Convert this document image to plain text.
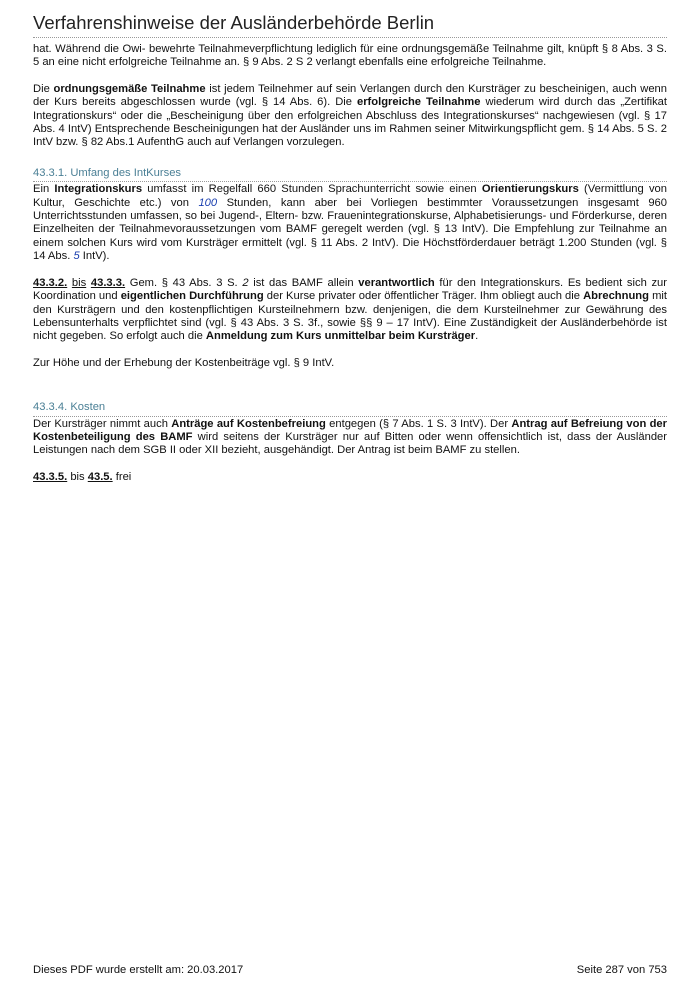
Verfahrenshinweise der Ausländerbehörde Berlin

hat. Während die Owi- bewehrte Teilnahmeverpflichtung lediglich für eine ordnungsgemäße Teilnahme gilt, knüpft § 8 Abs. 3 S. 5 an eine nicht erfolgreiche Teilnahme an. § 9 Abs. 2 S 2 verlangt ebenfalls eine erfolgreiche Teilnahme.

Die ordnungsgemäße Teilnahme ist jedem Teilnehmer auf sein Verlangen durch den Kursträger zu bescheinigen, auch wenn der Kurs bereits abgeschlossen wurde (vgl. § 14 Abs. 6). Die erfolgreiche Teilnahme wiederum wird durch das „Zertifikat Integrationskurs“ oder die „Bescheinigung über den erfolgreichen Abschluss des Integrationskurses“ nachgewiesen (vgl. § 17 Abs. 4 IntV) Entsprechende Bescheinigungen hat der Ausländer uns im Rahmen seiner Mitwirkungspflicht gem. § 14 Abs. 5 S. 2 IntV bzw. § 82 Abs.1 AufenthG auch auf Verlangen vorzulegen.

43.3.1. Umfang des IntKurses

Ein Integrationskurs umfasst im Regelfall 660 Stunden Sprachunterricht sowie einen Orientierungskurs (Vermittlung von Kultur, Geschichte etc.) von 100 Stunden, kann aber bei Vorliegen bestimmter Voraussetzungen insgesamt 960 Unterrichtsstunden umfassen, so bei Jugend-, Eltern- bzw. Frauenintegrationskurse, Alphabetisierungs- und Förderkurse, deren Einzelheiten der Teilnahmevoraussetzungen vom BAMF geregelt werden (vgl. § 13 IntV). Die Empfehlung zur Teilnahme an einem solchen Kurs wird vom Kursträger ermittelt (vgl. § 11 Abs. 2 IntV). Die Höchstförderdauer beträgt 1.200 Stunden (vgl. § 14 Abs. 5 IntV).

43.3.2. bis 43.3.3. Gem. § 43 Abs. 3 S. 2 ist das BAMF allein verantwortlich für den Integrationskurs. Es bedient sich zur Koordination und eigentlichen Durchführung der Kurse privater oder öffentlicher Träger. Ihm obliegt auch die Abrechnung mit den Kursträgern und den kostenpflichtigen Kursteilnehmern bzw. denjenigen, die dem Kursteilnehmer zur Gewährung des Lebensunterhalts verpflichtet sind (vgl. § 43 Abs. 3 S. 3f., sowie §§ 9 – 17 IntV). Eine Zuständigkeit der Ausländerbehörde ist nicht gegeben. So erfolgt auch die Anmeldung zum Kurs unmittelbar beim Kursträger.

Zur Höhe und der Erhebung der Kostenbeiträge vgl. § 9 IntV.

43.3.4. Kosten

Der Kursträger nimmt auch Anträge auf Kostenbefreiung entgegen (§ 7 Abs. 1 S. 3 IntV). Der Antrag auf Befreiung von der Kostenbeteiligung des BAMF wird seitens der Kursträger nur auf Bitten oder wenn offensichtlich ist, dass der Ausländer Leistungen nach dem SGB II oder XII bezieht, ausgehändigt. Der Antrag ist beim BAMF zu stellen.

43.3.5. bis 43.5. frei

Dieses PDF wurde erstellt am: 20.03.2017	Seite 287 von 753
